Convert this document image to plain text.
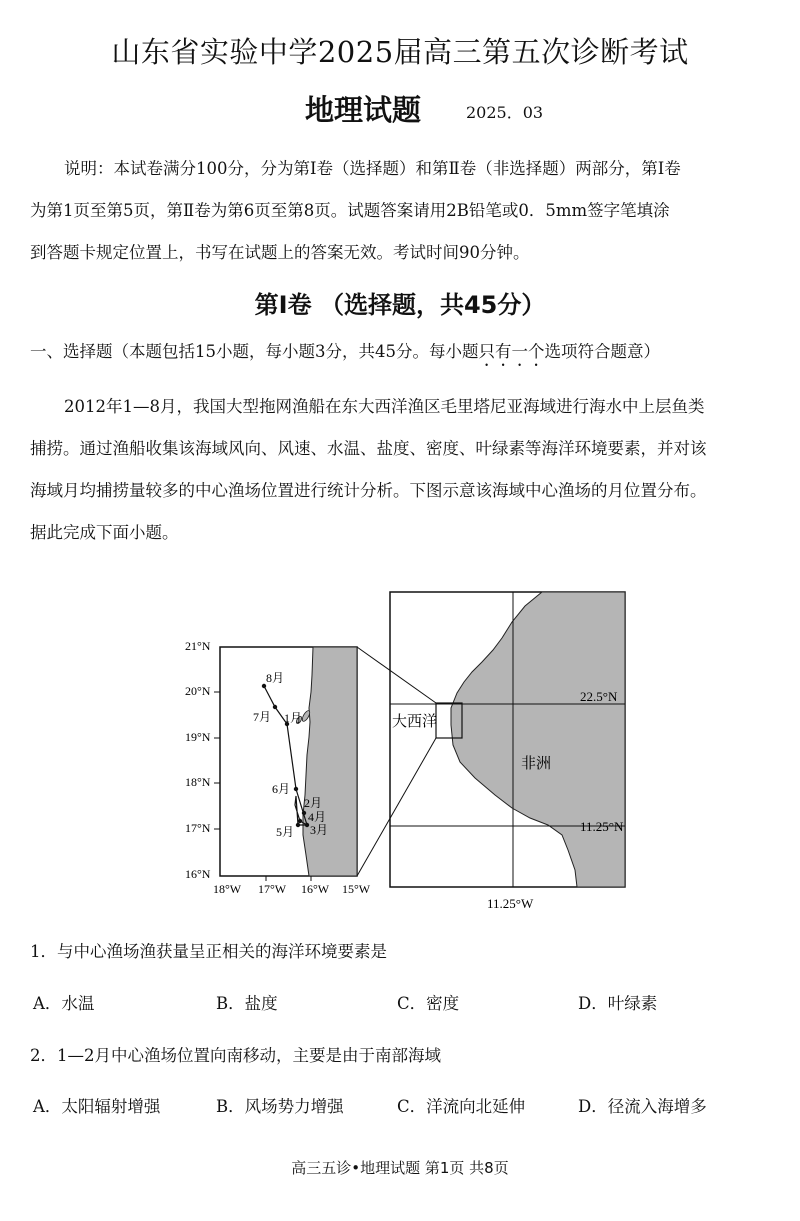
山东省实验中学2025届高三第五次诊断考试
地理试题	2025．03

说明：本试卷满分100分，分为第Ⅰ卷（选择题）和第Ⅱ卷（非选择题）两部分，第Ⅰ卷

为第1页至第5页，第Ⅱ卷为第6页至第8页。试题答案请用2B铅笔或0．5mm签字笔填涂

到答题卡规定位置上，书写在试题上的答案无效。考试时间90分钟。

第Ⅰ卷 （选择题，共45分）
一、选择题（本题包括15小题，每小题3分，共45分。每小题只有一个选项符合题意）

2012年1—8月，我国大型拖网渔船在东大西洋渔区毛里塔尼亚海域进行海水中上层鱼类

捕捞。通过渔船收集该海域风向、风速、水温、盐度、密度、叶绿素等海洋环境要素，并对该

海域月均捕捞量较多的中心渔场位置进行统计分析。下图示意该海域中心渔场的月位置分布。

据此完成下面小题。

22.5°N
11.25°N
11.25°W
大西洋
非洲
8月
7月 1月
6月
2月
4月
5月 3月
21°N
20°N
19°N
18°N
17°N
16°N
18°W 17°W 16°W 15°W
1．与中心渔场渔获量呈正相关的海洋环境要素是
A．水温	B．盐度	C．密度	D．叶绿素
2．1—2月中心渔场位置向南移动，主要是由于南部海域
A．太阳辐射增强	B．风场势力增强	C．洋流向北延伸	D．径流入海增多
高三五诊•地理试题 第1页 共8页
